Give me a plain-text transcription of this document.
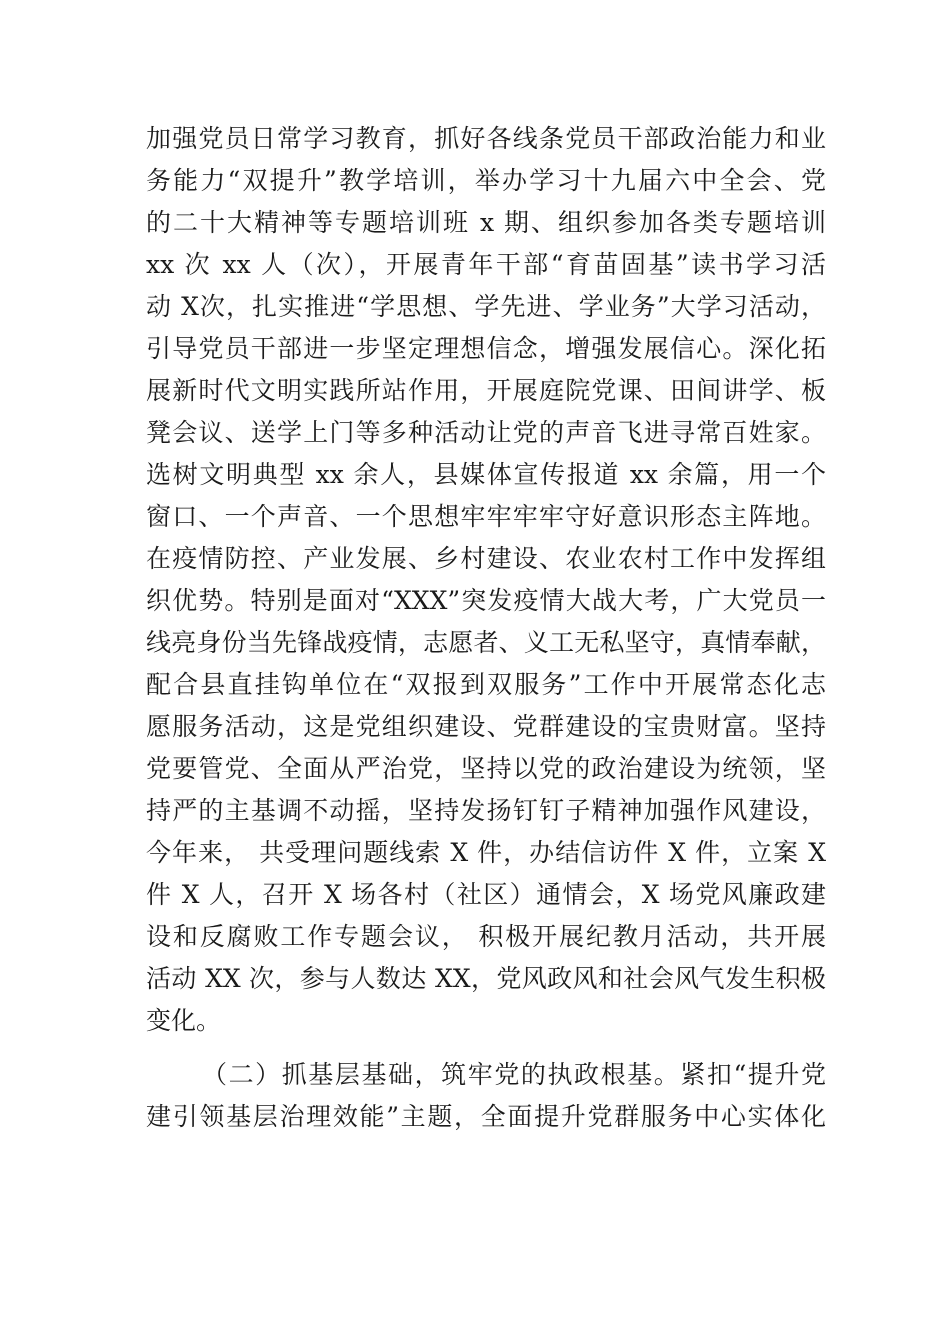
加强党员日常学习教育，抓好各线条党员干部政治能力和业
务能力“双提升”教学培训，举办学习十九届六中全会、党
的二十大精神等专题培训班 x 期、组织参加各类专题培训
xx 次 xx 人（次），开展青年干部“育苗固基”读书学习活
动 X次，扎实推进“学思想、学先进、学业务”大学习活动，
引导党员干部进一步坚定理想信念，增强发展信心。深化拓
展新时代文明实践所站作用，开展庭院党课、田间讲学、板
凳会议、送学上门等多种活动让党的声音飞进寻常百姓家。
选树文明典型 xx 余人，县媒体宣传报道 xx 余篇，用一个
窗口、一个声音、一个思想牢牢牢牢守好意识形态主阵地。
在疫情防控、产业发展、乡村建设、农业农村工作中发挥组
织优势。特别是面对“XXX”突发疫情大战大考，广大党员一
线亮身份当先锋战疫情，志愿者、义工无私坚守，真情奉献，
配合县直挂钩单位在“双报到双服务”工作中开展常态化志
愿服务活动，这是党组织建设、党群建设的宝贵财富。坚持
党要管党、全面从严治党，坚持以党的政治建设为统领，坚
持严的主基调不动摇，坚持发扬钉钉子精神加强作风建设，
今年来， 共受理问题线索 X 件，办结信访件 X 件，立案 X
件 X 人，召开 X 场各村（社区）通情会，X 场党风廉政建
设和反腐败工作专题会议， 积极开展纪教月活动，共开展
活动 XX 次，参与人数达 XX，党风政风和社会风气发生积极
变化。
（二）抓基层基础，筑牢党的执政根基。紧扣“提升党
建引领基层治理效能”主题，全面提升党群服务中心实体化
